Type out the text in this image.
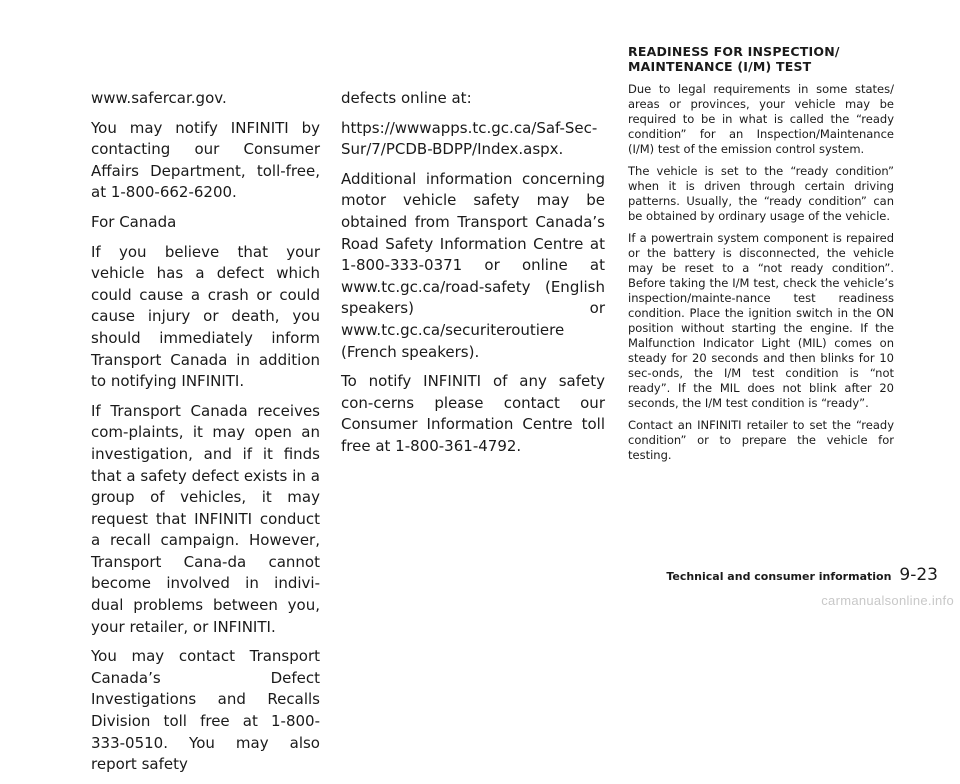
www.safercar.gov.

You may notify INFINITI by contacting our Consumer Affairs Department, toll-free, at 1-800-662-6200.

For Canada

If you believe that your vehicle has a defect which could cause a crash or could cause injury or death, you should immediately inform Transport Canada in addition to notifying INFINITI.

If Transport Canada receives com-plaints, it may open an investigation, and if it finds that a safety defect exists in a group of vehicles, it may request that INFINITI conduct a recall campaign. However, Transport Cana-da cannot become involved in indivi-dual problems between you, your retailer, or INFINITI.

You may contact Transport Canada’s Defect Investigations and Recalls Division toll free at 1-800-333-0510. You may also report safety

defects online at:

https://wwwapps.tc.gc.ca/Saf-Sec-Sur/7/PCDB-BDPP/Index.aspx.

Additional information concerning motor vehicle safety may be obtained from Transport Canada’s Road Safety Information Centre at 1-800-333-0371 or online at www.tc.gc.ca/road-safety (English speakers) or www.tc.gc.ca/securiteroutiere (French speakers).

To notify INFINITI of any safety con-cerns please contact our Consumer Information Centre toll free at 1-800-361-4792.

READINESS FOR INSPECTION/
MAINTENANCE (I/M) TEST

Due to legal requirements in some states/ areas or provinces, your vehicle may be required to be in what is called the “ready condition” for an Inspection/Maintenance (I/M) test of the emission control system.

The vehicle is set to the “ready condition” when it is driven through certain driving patterns. Usually, the “ready condition” can be obtained by ordinary usage of the vehicle.

If a powertrain system component is repaired or the battery is disconnected, the vehicle may be reset to a “not ready condition”. Before taking the I/M test, check the vehicle’s inspection/mainte-nance test readiness condition. Place the ignition switch in the ON position without starting the engine. If the Malfunction Indicator Light (MIL) comes on steady for 20 seconds and then blinks for 10 sec-onds, the I/M test condition is “not ready”. If the MIL does not blink after 20 seconds, the I/M test condition is “ready”.

Contact an INFINITI retailer to set the “ready condition” or to prepare the vehicle for testing.

Technical and consumer information 9-23
carmanualsonline.info
